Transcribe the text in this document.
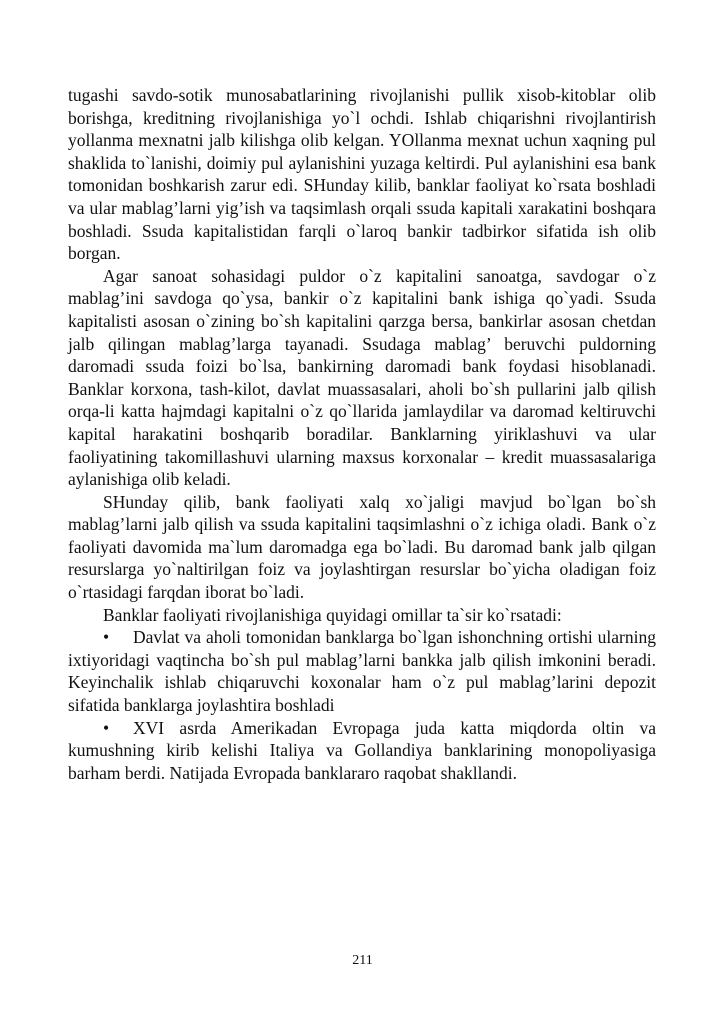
tugashi savdo-sotik munosabatlarining rivojlanishi pullik xisob-kitoblar olib borishga, kreditning rivojlanishiga yo`l ochdi. Ishlab chiqarishni rivojlantirish yollanma mexnatni jalb kilishga olib kelgan. YOllanma mexnat uchun xaqning pul shaklida to`lanishi, doimiy pul aylanishini yuzaga keltirdi. Pul aylanishini esa bank tomonidan boshkarish zarur edi. SHunday kilib, banklar faoliyat ko`rsata boshladi va ular mablag’larni yig’ish va taqsimlash orqali ssuda kapitali xarakatini boshqara boshladi. Ssuda kapitalistidan farqli o`laroq bankir tadbirkor sifatida ish olib borgan.

Agar sanoat sohasidagi puldor o`z kapitalini sanoatga, savdogar o`z mablag’ini savdoga qo`ysa, bankir o`z kapitalini bank ishiga qo`yadi. Ssuda kapitalisti asosan o`zining bo`sh kapitalini qarzga bersa, bankirlar asosan chetdan jalb qilingan mablag’larga tayanadi. Ssudaga mablag’ beruvchi puldorning daromadi ssuda foizi bo`lsa, bankirning daromadi bank foydasi hisoblanadi. Banklar korxona, tash-kilot, davlat muassasalari, aholi bo`sh pullarini jalb qilish orqa-li katta hajmdagi kapitalni o`z qo`llarida jamlaydilar va daromad keltiruvchi kapital harakatini boshqarib boradilar. Banklarning yiriklashuvi va ular faoliyatining takomillashuvi ularning maxsus korxonalar – kredit muassasalariga aylanishiga olib keladi.

SHunday qilib, bank faoliyati xalq xo`jaligi mavjud bo`lgan bo`sh mablag’larni jalb qilish va ssuda kapitalini taqsimlashni o`z ichiga oladi. Bank o`z faoliyati davomida ma`lum daromadga ega bo`ladi. Bu daromad bank jalb qilgan resurslarga yo`naltirilgan foiz va joylashtirgan resurslar bo`yicha oladigan foiz o`rtasidagi farqdan iborat bo`ladi.

Banklar faoliyati rivojlanishiga quyidagi omillar ta`sir ko`rsatadi:

• Davlat va aholi tomonidan banklarga bo`lgan ishonchning ortishi ularning ixtiyoridagi vaqtincha bo`sh pul mablag’larni bankka jalb qilish imkonini beradi. Keyinchalik ishlab chiqaruvchi koxonalar ham o`z pul mablag’larini depozit sifatida banklarga joylashtira boshladi

• XVI asrda Amerikadan Evropaga juda katta miqdorda oltin va kumushning kirib kelishi Italiya va Gollandiya banklarining monopoliyasiga barham berdi. Natijada Evropada banklararo raqobat shakllandi.

211
